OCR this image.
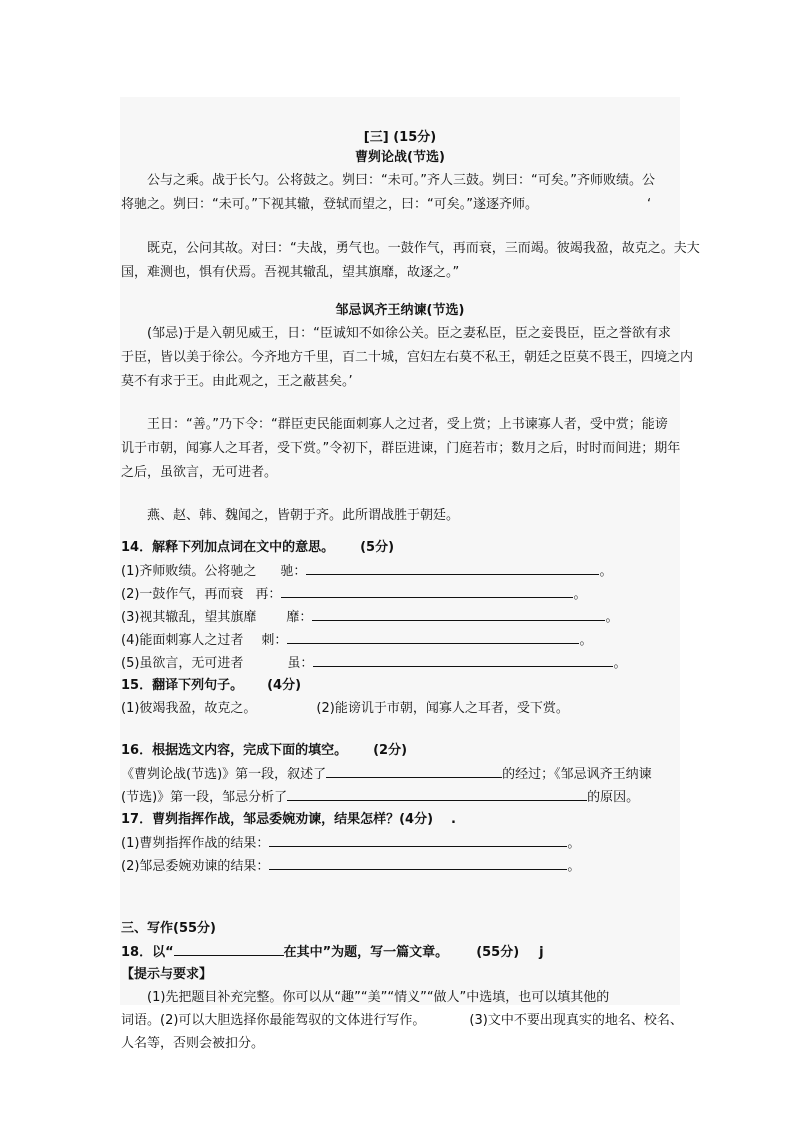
[三] (15分)
曹刿论战(节选)
公与之乘。战于长勺。公将鼓之。刿曰：“未可。”齐人三鼓。刿曰：“可矣。”齐师败绩。公
将驰之。刿曰：“未可。”下视其辙，登轼而望之，曰：“可矣。”遂逐齐师。	‘
既克，公问其故。对曰：“夫战，勇气也。一鼓作气，再而衰，三而竭。彼竭我盈，故克之。夫大
国，难测也，惧有伏焉。吾视其辙乱，望其旗靡，故逐之。”
邹忌讽齐王纳谏(节选)
(邹忌)于是入朝见威王，日：“臣诚知不如徐公关。臣之妻私臣，臣之妾畏臣，臣之誉欲有求
于臣，皆以美于徐公。今齐地方千里，百二十城，宫妇左右莫不私王，朝廷之臣莫不畏王，四境之内
莫不有求于王。由此观之，王之蔽甚矣。’
王日：“善。”乃下令：“群臣吏民能面刺寡人之过者，受上赏；上书谏寡人者，受中赏；能谤
讥于市朝，闻寡人之耳者，受下赏。”令初下，群臣进谏，门庭若市；数月之后，时时而间进；期年
之后，虽欲言，无可进者。
燕、赵、韩、魏闻之，皆朝于齐。此所谓战胜于朝廷。
14．解释下列加点词在文中的意思。 (5分)
(1)齐师败绩。公将驰之 驰：	。
(2)一鼓作气，再而衰 再：	。
(3)视其辙乱，望其旗靡 靡：	。
(4)能面刺寡人之过者 刺：	。
(5)虽欲言，无可进者	虽：	。
15．翻译下列句子。 (4分)
(1)彼竭我盈，故克之。	(2)能谤讥于市朝，闻寡人之耳者，受下赏。
16．根据选文内容，完成下面的填空。 (2分)
《曹刿论战(节选)》第一段，叙述了	的经过；《邹忌讽齐王纳谏
(节选)》第一段，邹忌分析了	的原因。
17．曹刿指挥作战，邹忌委婉劝谏，结果怎样？(4分) .
(1)曹刿指挥作战的结果：	。
(2)邹忌委婉劝谏的结果：	。
三、写作(55分)
18．以“	在其中”为题，写一篇文章。 (55分) j
【提示与要求】
(1)先把题目补充完整。你可以从“趣”“美”“情义”“做人”中选填，也可以填其他的
词语。(2)可以大胆选择你最能驾驭的文体进行写作。	(3)文中不要出现真实的地名、校名、
人名等，否则会被扣分。
